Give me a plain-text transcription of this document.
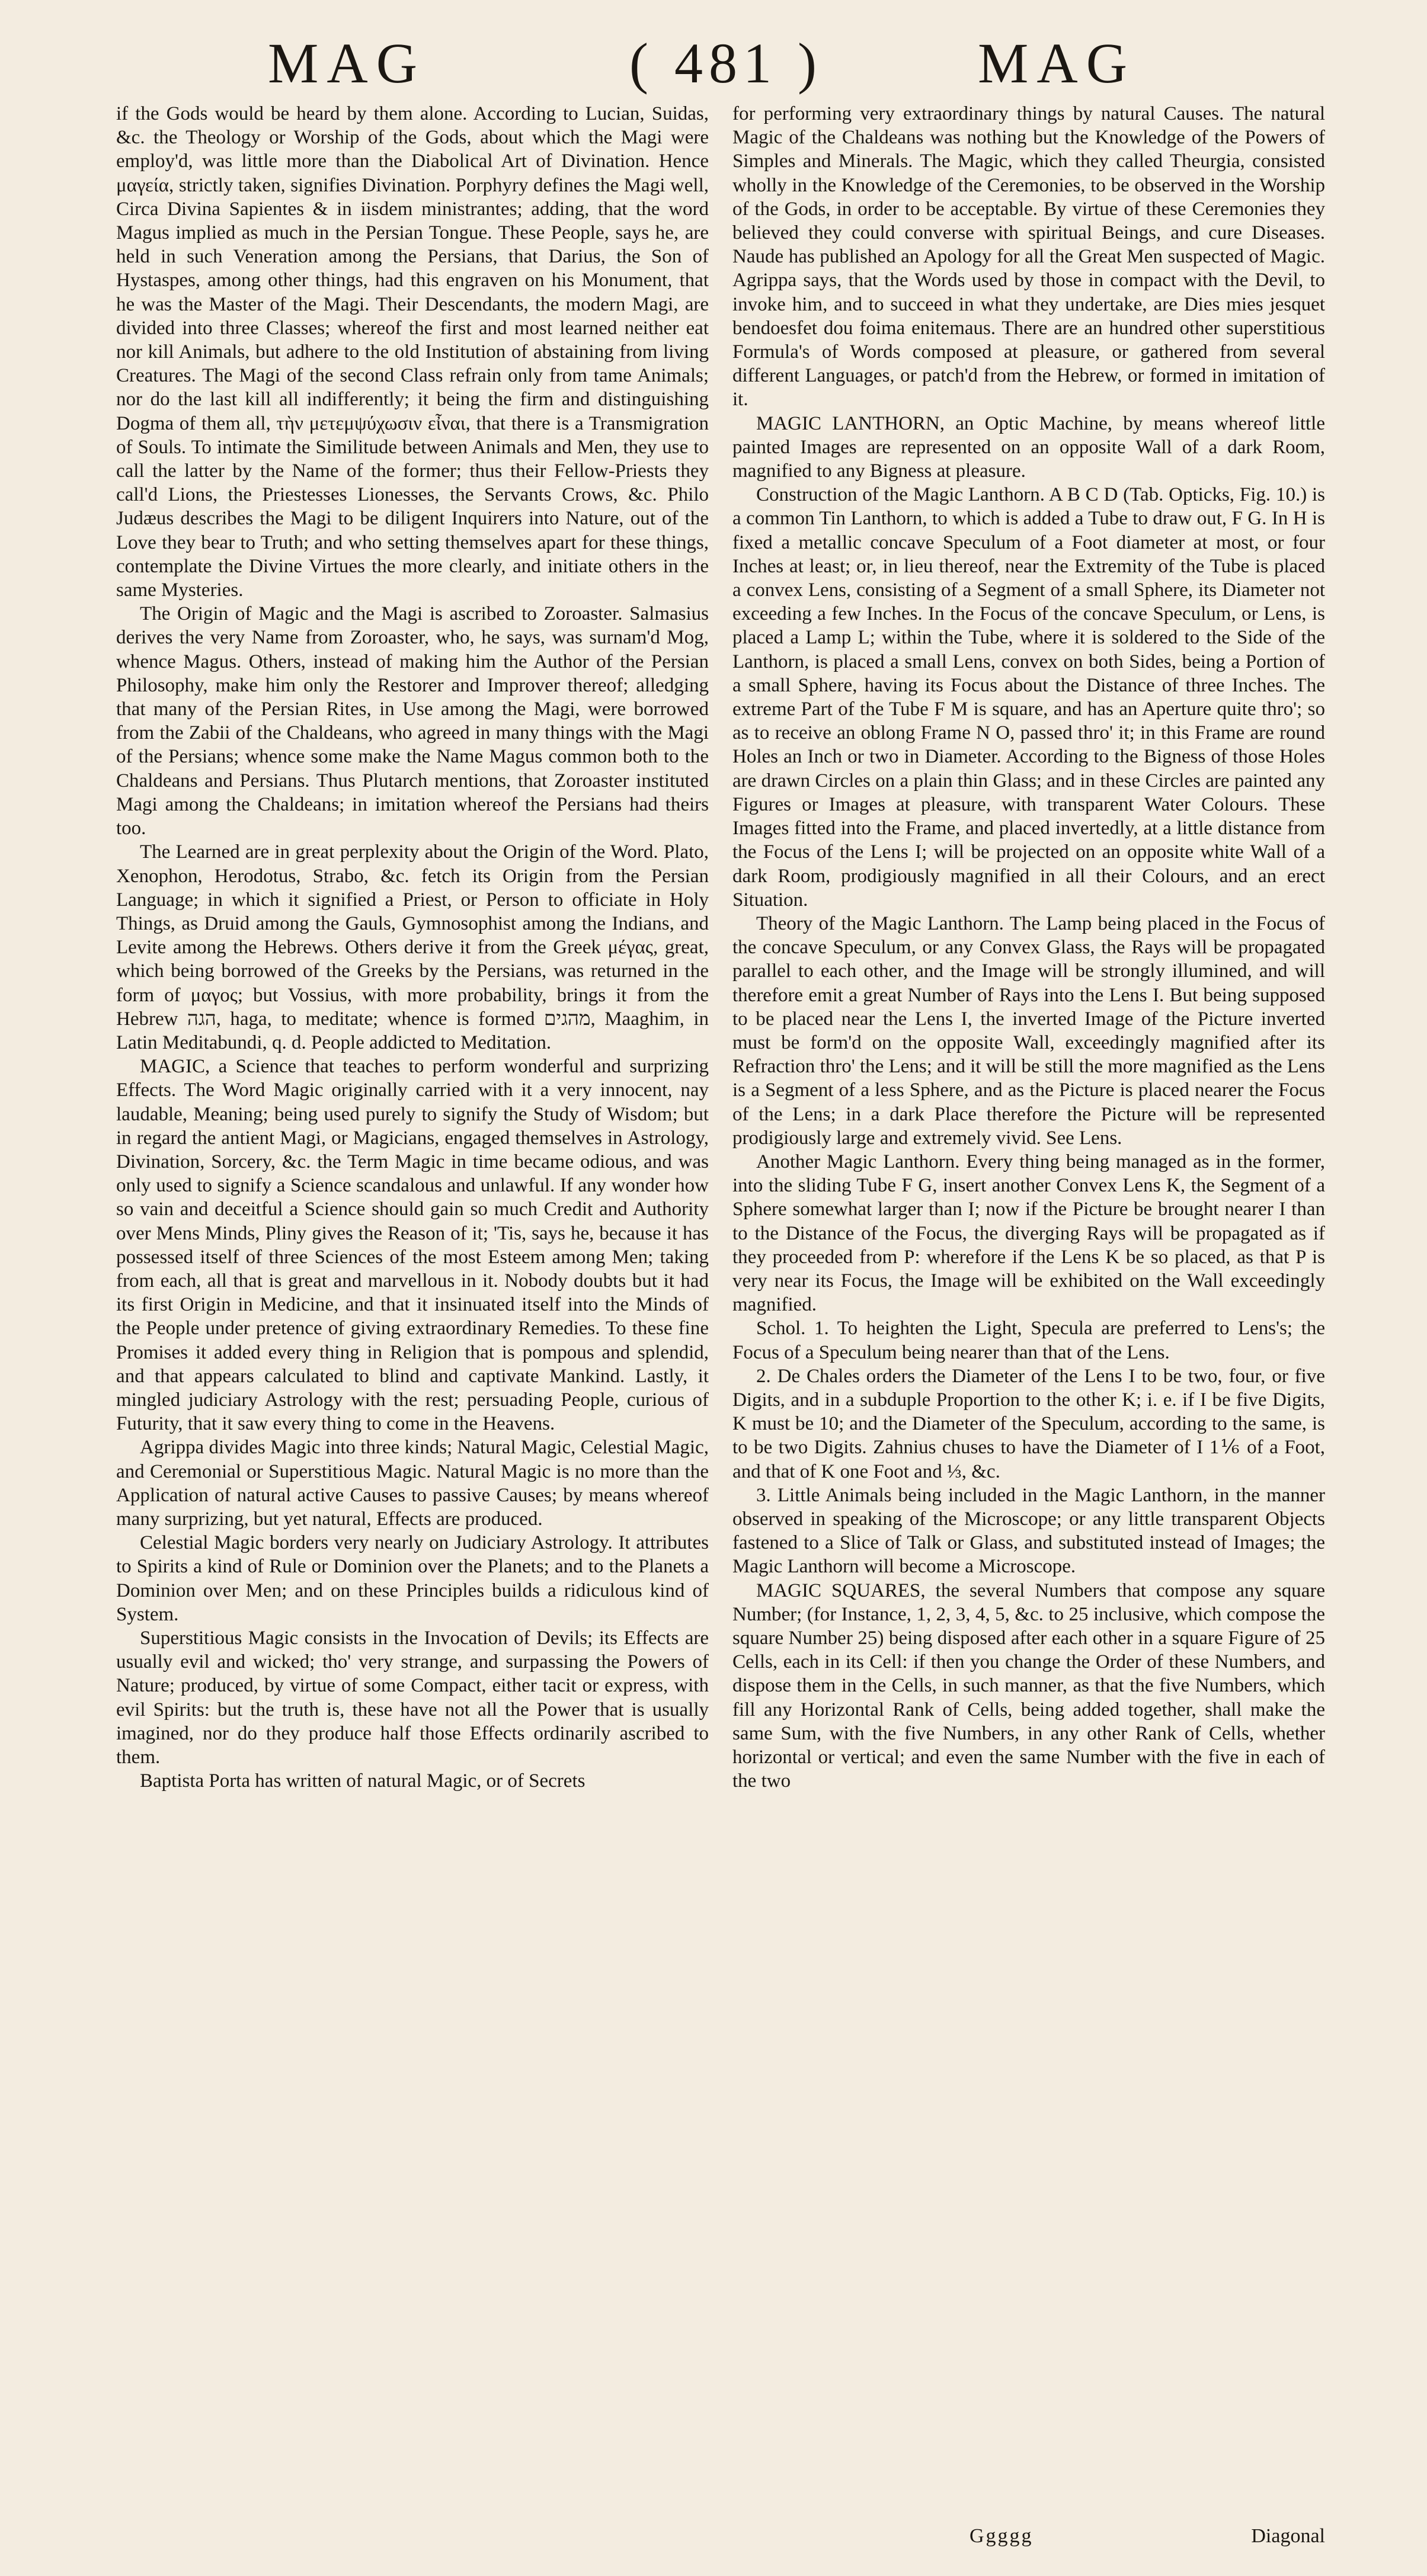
MAG	( 481 )	MAG

if the Gods would be heard by them alone. According to Lucian, Suidas, &c. the Theology or Worship of the Gods, about which the Magi were employ'd, was little more than the Diabolical Art of Divination. Hence μαγεία, strictly taken, signifies Divination. Porphyry defines the Magi well, Circa Divina Sapientes & in iisdem ministrantes; adding, that the word Magus implied as much in the Persian Tongue. These People, says he, are held in such Veneration among the Persians, that Darius, the Son of Hystaspes, among other things, had this engraven on his Monument, that he was the Master of the Magi. Their Descendants, the modern Magi, are divided into three Classes; whereof the first and most learned neither eat nor kill Animals, but adhere to the old Institution of abstaining from living Creatures. The Magi of the second Class refrain only from tame Animals; nor do the last kill all indifferently; it being the firm and distinguishing Dogma of them all, τὴν μετεμψύχωσιν εἶναι, that there is a Transmigration of Souls. To intimate the Similitude between Animals and Men, they use to call the latter by the Name of the former; thus their Fellow-Priests they call'd Lions, the Priestesses Lionesses, the Servants Crows, &c. Philo Judæus describes the Magi to be diligent Inquirers into Nature, out of the Love they bear to Truth; and who setting themselves apart for these things, contemplate the Divine Virtues the more clearly, and initiate others in the same Mysteries.

The Origin of Magic and the Magi is ascribed to Zoroaster. Salmasius derives the very Name from Zoroaster, who, he says, was surnam'd Mog, whence Magus. Others, instead of making him the Author of the Persian Philosophy, make him only the Restorer and Improver thereof; alledging that many of the Persian Rites, in Use among the Magi, were borrowed from the Zabii of the Chaldeans, who agreed in many things with the Magi of the Persians; whence some make the Name Magus common both to the Chaldeans and Persians. Thus Plutarch mentions, that Zoroaster instituted Magi among the Chaldeans; in imitation whereof the Persians had theirs too.

The Learned are in great perplexity about the Origin of the Word. Plato, Xenophon, Herodotus, Strabo, &c. fetch its Origin from the Persian Language; in which it signified a Priest, or Person to officiate in Holy Things, as Druid among the Gauls, Gymnosophist among the Indians, and Levite among the Hebrews. Others derive it from the Greek μέγας, great, which being borrowed of the Greeks by the Persians, was returned in the form of μαγος; but Vossius, with more probability, brings it from the Hebrew הגה, haga, to meditate; whence is formed מהגים, Maaghim, in Latin Meditabundi, q. d. People addicted to Meditation.

MAGIC, a Science that teaches to perform wonderful and surprizing Effects. The Word Magic originally carried with it a very innocent, nay laudable, Meaning; being used purely to signify the Study of Wisdom; but in regard the antient Magi, or Magicians, engaged themselves in Astrology, Divination, Sorcery, &c. the Term Magic in time became odious, and was only used to signify a Science scandalous and unlawful. If any wonder how so vain and deceitful a Science should gain so much Credit and Authority over Mens Minds, Pliny gives the Reason of it; 'Tis, says he, because it has possessed itself of three Sciences of the most Esteem among Men; taking from each, all that is great and marvellous in it. Nobody doubts but it had its first Origin in Medicine, and that it insinuated itself into the Minds of the People under pretence of giving extraordinary Remedies. To these fine Promises it added every thing in Religion that is pompous and splendid, and that appears calculated to blind and captivate Mankind. Lastly, it mingled judiciary Astrology with the rest; persuading People, curious of Futurity, that it saw every thing to come in the Heavens.

Agrippa divides Magic into three kinds; Natural Magic, Celestial Magic, and Ceremonial or Superstitious Magic. Natural Magic is no more than the Application of natural active Causes to passive Causes; by means whereof many surprizing, but yet natural, Effects are produced.

Celestial Magic borders very nearly on Judiciary Astrology. It attributes to Spirits a kind of Rule or Dominion over the Planets; and to the Planets a Dominion over Men; and on these Principles builds a ridiculous kind of System.

Superstitious Magic consists in the Invocation of Devils; its Effects are usually evil and wicked; tho' very strange, and surpassing the Powers of Nature; produced, by virtue of some Compact, either tacit or express, with evil Spirits: but the truth is, these have not all the Power that is usually imagined, nor do they produce half those Effects ordinarily ascribed to them.

Baptista Porta has written of natural Magic, or of Secrets

for performing very extraordinary things by natural Causes. The natural Magic of the Chaldeans was nothing but the Knowledge of the Powers of Simples and Minerals. The Magic, which they called Theurgia, consisted wholly in the Knowledge of the Ceremonies, to be observed in the Worship of the Gods, in order to be acceptable. By virtue of these Ceremonies they believed they could converse with spiritual Beings, and cure Diseases. Naude has published an Apology for all the Great Men suspected of Magic. Agrippa says, that the Words used by those in compact with the Devil, to invoke him, and to succeed in what they undertake, are Dies mies jesquet bendoesfet dou foima enitemaus. There are an hundred other superstitious Formula's of Words composed at pleasure, or gathered from several different Languages, or patch'd from the Hebrew, or formed in imitation of it.

MAGIC LANTHORN, an Optic Machine, by means whereof little painted Images are represented on an opposite Wall of a dark Room, magnified to any Bigness at pleasure.

Construction of the Magic Lanthorn. A B C D (Tab. Opticks, Fig. 10.) is a common Tin Lanthorn, to which is added a Tube to draw out, F G. In H is fixed a metallic concave Speculum of a Foot diameter at most, or four Inches at least; or, in lieu thereof, near the Extremity of the Tube is placed a convex Lens, consisting of a Segment of a small Sphere, its Diameter not exceeding a few Inches. In the Focus of the concave Speculum, or Lens, is placed a Lamp L; within the Tube, where it is soldered to the Side of the Lanthorn, is placed a small Lens, convex on both Sides, being a Portion of a small Sphere, having its Focus about the Distance of three Inches. The extreme Part of the Tube F M is square, and has an Aperture quite thro'; so as to receive an oblong Frame N O, passed thro' it; in this Frame are round Holes an Inch or two in Diameter. According to the Bigness of those Holes are drawn Circles on a plain thin Glass; and in these Circles are painted any Figures or Images at pleasure, with transparent Water Colours. These Images fitted into the Frame, and placed invertedly, at a little distance from the Focus of the Lens I; will be projected on an opposite white Wall of a dark Room, prodigiously magnified in all their Colours, and an erect Situation.

Theory of the Magic Lanthorn. The Lamp being placed in the Focus of the concave Speculum, or any Convex Glass, the Rays will be propagated parallel to each other, and the Image will be strongly illumined, and will therefore emit a great Number of Rays into the Lens I. But being supposed to be placed near the Lens I, the inverted Image of the Picture inverted must be form'd on the opposite Wall, exceedingly magnified after its Refraction thro' the Lens; and it will be still the more magnified as the Lens is a Segment of a less Sphere, and as the Picture is placed nearer the Focus of the Lens; in a dark Place therefore the Picture will be represented prodigiously large and extremely vivid. See Lens.

Another Magic Lanthorn. Every thing being managed as in the former, into the sliding Tube F G, insert another Convex Lens K, the Segment of a Sphere somewhat larger than I; now if the Picture be brought nearer I than to the Distance of the Focus, the diverging Rays will be propagated as if they proceeded from P: wherefore if the Lens K be so placed, as that P is very near its Focus, the Image will be exhibited on the Wall exceedingly magnified.

Schol. 1. To heighten the Light, Specula are preferred to Lens's; the Focus of a Speculum being nearer than that of the Lens.

2. De Chales orders the Diameter of the Lens I to be two, four, or five Digits, and in a subduple Proportion to the other K; i. e. if I be five Digits, K must be 10; and the Diameter of the Speculum, according to the same, is to be two Digits. Zahnius chuses to have the Diameter of I 1⅙ of a Foot, and that of K one Foot and ⅓, &c.

3. Little Animals being included in the Magic Lanthorn, in the manner observed in speaking of the Microscope; or any little transparent Objects fastened to a Slice of Talk or Glass, and substituted instead of Images; the Magic Lanthorn will become a Microscope.

MAGIC SQUARES, the several Numbers that compose any square Number; (for Instance, 1, 2, 3, 4, 5, &c. to 25 inclusive, which compose the square Number 25) being disposed after each other in a square Figure of 25 Cells, each in its Cell: if then you change the Order of these Numbers, and dispose them in the Cells, in such manner, as that the five Numbers, which fill any Horizontal Rank of Cells, being added together, shall make the same Sum, with the five Numbers, in any other Rank of Cells, whether horizontal or vertical; and even the same Number with the five in each of the two

Ggggg	Diagonal
